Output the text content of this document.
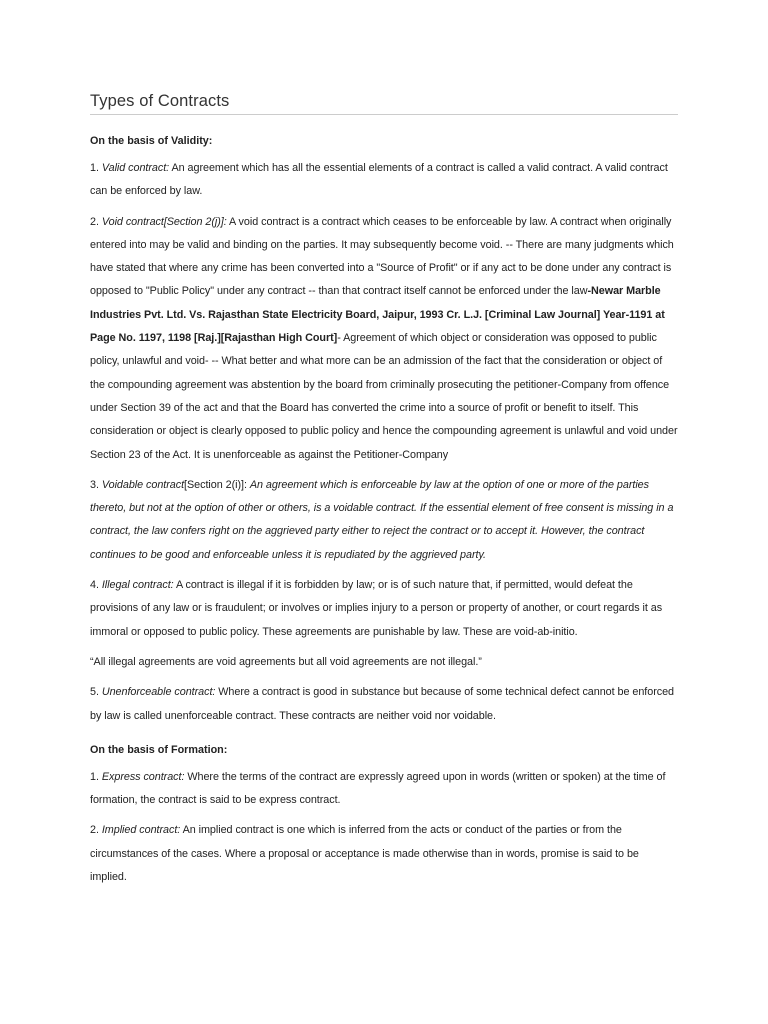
Types of Contracts

On the basis of Validity:

1. Valid contract: An agreement which has all the essential elements of a contract is called a valid contract. A valid contract can be enforced by law.

2. Void contract[Section 2(j)]: A void contract is a contract which ceases to be enforceable by law. A contract when originally entered into may be valid and binding on the parties. It may subsequently become void. -- There are many judgments which have stated that where any crime has been converted into a "Source of Profit" or if any act to be done under any contract is opposed to "Public Policy" under any contract -- than that contract itself cannot be enforced under the law-Newar Marble Industries Pvt. Ltd. Vs. Rajasthan State Electricity Board, Jaipur, 1993 Cr. L.J. [Criminal Law Journal] Year-1191 at Page No. 1197, 1198 [Raj.][Rajasthan High Court]- Agreement of which object or consideration was opposed to public policy, unlawful and void- -- What better and what more can be an admission of the fact that the consideration or object of the compounding agreement was abstention by the board from criminally prosecuting the petitioner-Company from offence under Section 39 of the act and that the Board has converted the crime into a source of profit or benefit to itself. This consideration or object is clearly opposed to public policy and hence the compounding agreement is unlawful and void under Section 23 of the Act. It is unenforceable as against the Petitioner-Company

3. Voidable contract[Section 2(i)]: An agreement which is enforceable by law at the option of one or more of the parties thereto, but not at the option of other or others, is a voidable contract. If the essential element of free consent is missing in a contract, the law confers right on the aggrieved party either to reject the contract or to accept it. However, the contract continues to be good and enforceable unless it is repudiated by the aggrieved party.

4. Illegal contract: A contract is illegal if it is forbidden by law; or is of such nature that, if permitted, would defeat the provisions of any law or is fraudulent; or involves or implies injury to a person or property of another, or court regards it as immoral or opposed to public policy. These agreements are punishable by law. These are void-ab-initio.

“All illegal agreements are void agreements but all void agreements are not illegal.”

5. Unenforceable contract: Where a contract is good in substance but because of some technical defect cannot be enforced by law is called unenforceable contract. These contracts are neither void nor voidable.

On the basis of Formation:

1. Express contract: Where the terms of the contract are expressly agreed upon in words (written or spoken) at the time of formation, the contract is said to be express contract.

2. Implied contract: An implied contract is one which is inferred from the acts or conduct of the parties or from the circumstances of the cases. Where a proposal or acceptance is made otherwise than in words, promise is said to be implied.
